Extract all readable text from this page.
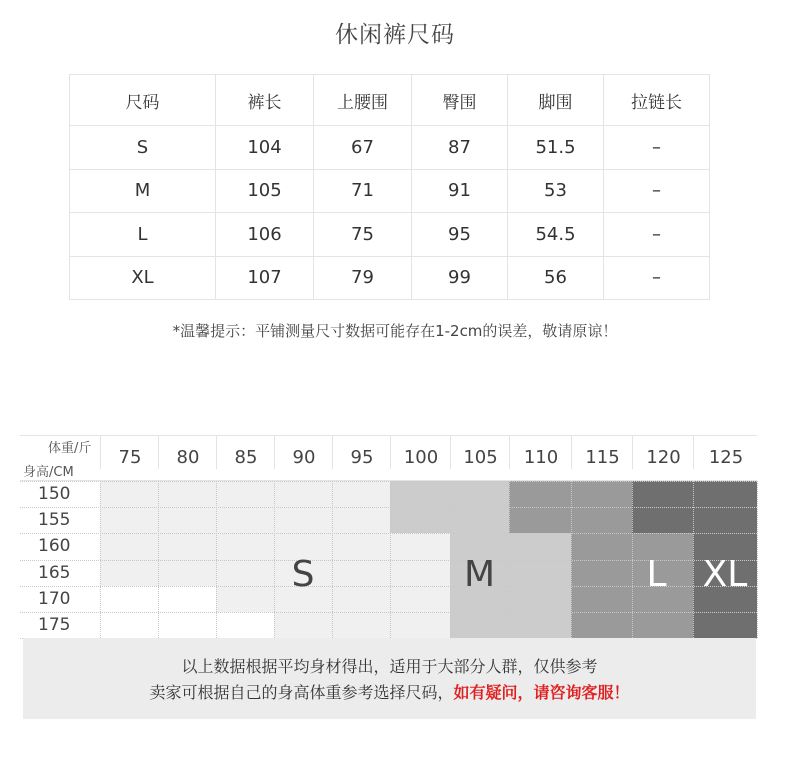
休闲裤尺码
尺码	裤长	上腰围	臀围	脚围	拉链长
S	104	67	87	51.5	–
M	105	71	91	53	–
L	106	75	95	54.5	–
XL	107	79	99	56	–
*温馨提示：平铺测量尺寸数据可能存在1-2cm的误差，敬请原谅！
体重/斤
身高/CM
75	80	85	90	95	100	105	110	115	120	125
150
155
160
165
170
175
S	M	L	XL
以上数据根据平均身材得出，适用于大部分人群，仅供参考
卖家可根据自己的身高体重参考选择尺码，如有疑问，请咨询客服！
